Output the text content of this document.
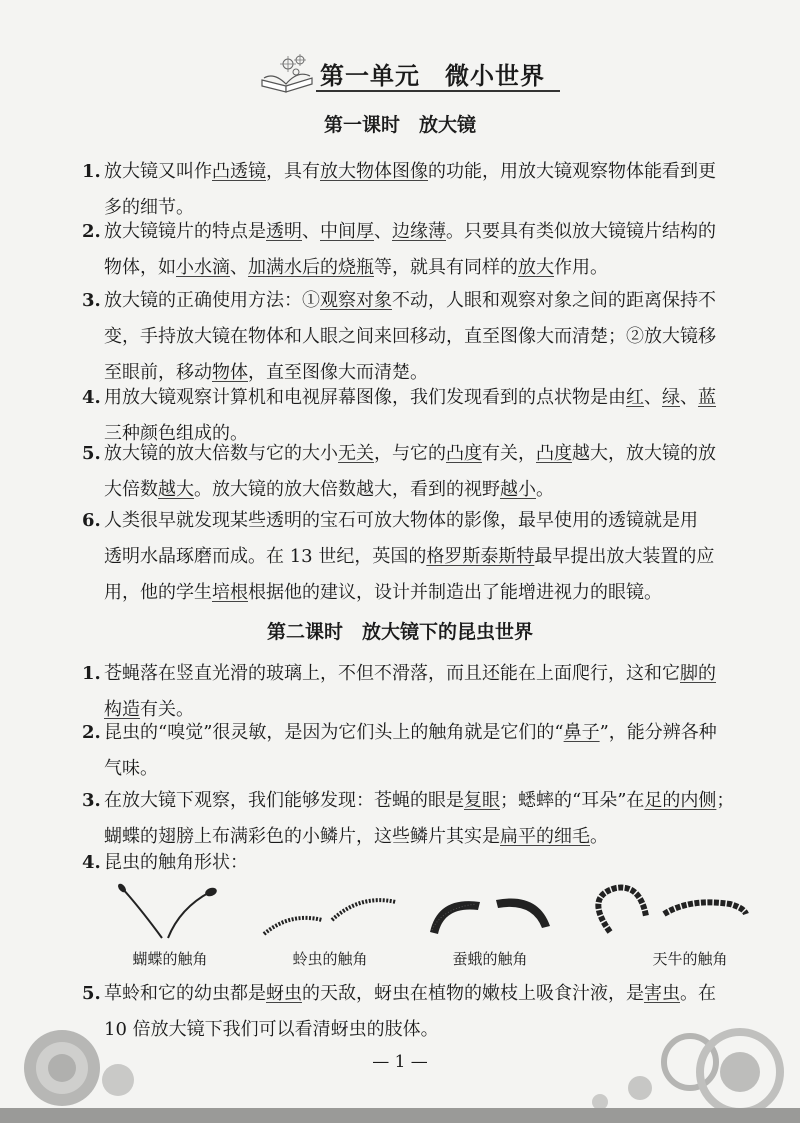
第一单元　微小世界
第一课时　放大镜
1. 放大镜又叫作凸透镜，具有放大物体图像的功能，用放大镜观察物体能看到更
多的细节。
2. 放大镜镜片的特点是透明、中间厚、边缘薄。只要具有类似放大镜镜片结构的
物体，如小水滴、加满水后的烧瓶等，就具有同样的放大作用。
3. 放大镜的正确使用方法：①观察对象不动，人眼和观察对象之间的距离保持不
变，手持放大镜在物体和人眼之间来回移动，直至图像大而清楚；②放大镜移
至眼前，移动物体，直至图像大而清楚。
4. 用放大镜观察计算机和电视屏幕图像，我们发现看到的点状物是由红、绿、蓝
三种颜色组成的。
5. 放大镜的放大倍数与它的大小无关，与它的凸度有关，凸度越大，放大镜的放
大倍数越大。放大镜的放大倍数越大，看到的视野越小。
6. 人类很早就发现某些透明的宝石可放大物体的影像，最早使用的透镜就是用
透明水晶琢磨而成。在 13 世纪，英国的格罗斯泰斯特最早提出放大装置的应
用，他的学生培根根据他的建议，设计并制造出了能增进视力的眼镜。
第二课时　放大镜下的昆虫世界
1. 苍蝇落在竖直光滑的玻璃上，不但不滑落，而且还能在上面爬行，这和它脚的
构造有关。
2. 昆虫的“嗅觉”很灵敏，是因为它们头上的触角就是它们的“鼻子”，能分辨各种
气味。
3. 在放大镜下观察，我们能够发现：苍蝇的眼是复眼；蟋蟀的“耳朵”在足的内侧；
蝴蝶的翅膀上布满彩色的小鳞片，这些鳞片其实是扁平的细毛。
4. 昆虫的触角形状：
5. 草蛉和它的幼虫都是蚜虫的天敌，蚜虫在植物的嫩枝上吸食汁液，是害虫。在
10 倍放大镜下我们可以看清蚜虫的肢体。
蝴蝶的触角	蛉虫的触角	蚕蛾的触角	天牛的触角
— 1 —
